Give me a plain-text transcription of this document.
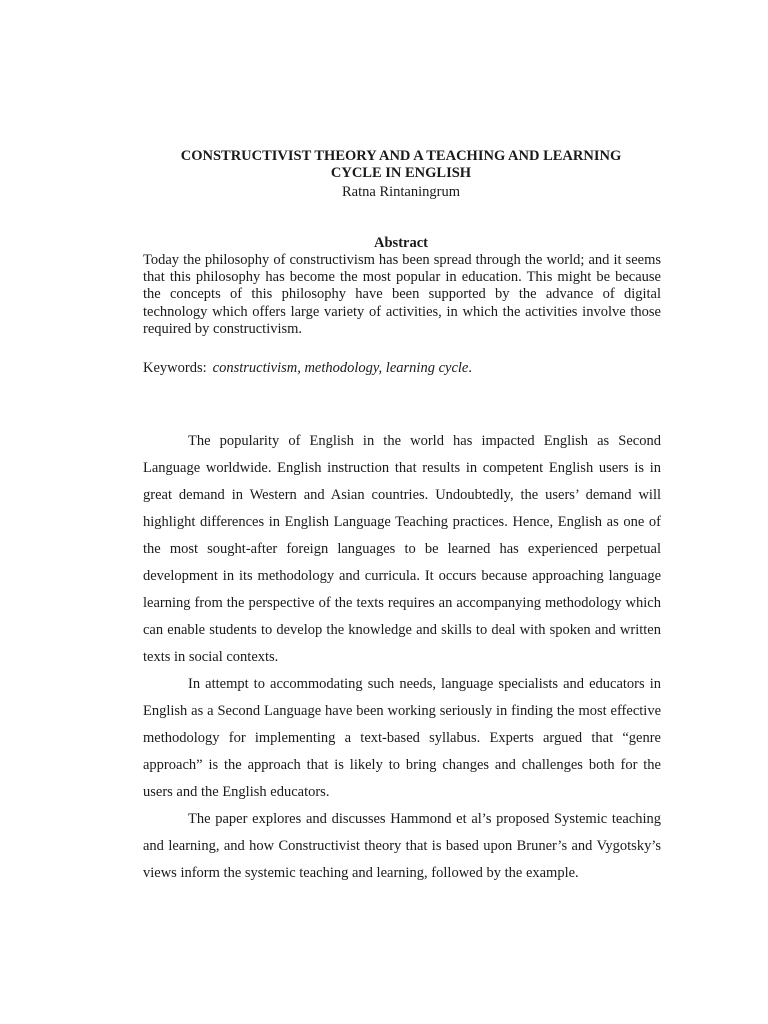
CONSTRUCTIVIST THEORY AND A TEACHING AND LEARNING
CYCLE IN ENGLISH
Ratna Rintaningrum
Abstract
Today the philosophy of constructivism has been spread through the world; and it seems that this philosophy has become the most popular in education. This might be because the concepts of this philosophy have been supported by the advance of digital technology which offers large variety of activities, in which the activities involve those required by constructivism.
Keywords: constructivism, methodology, learning cycle.

The popularity of English in the world has impacted English as Second Language worldwide. English instruction that results in competent English users is in great demand in Western and Asian countries. Undoubtedly, the users’ demand will highlight differences in English Language Teaching practices. Hence, English as one of the most sought-after foreign languages to be learned has experienced perpetual development in its methodology and curricula. It occurs because approaching language learning from the perspective of the texts requires an accompanying methodology which can enable students to develop the knowledge and skills to deal with spoken and written texts in social contexts.

In attempt to accommodating such needs, language specialists and educators in English as a Second Language have been working seriously in finding the most effective methodology for implementing a text-based syllabus. Experts argued that “genre approach” is the approach that is likely to bring changes and challenges both for the users and the English educators.

The paper explores and discusses Hammond et al’s proposed Systemic teaching and learning, and how Constructivist theory that is based upon Bruner’s and Vygotsky’s views inform the systemic teaching and learning, followed by the example.
